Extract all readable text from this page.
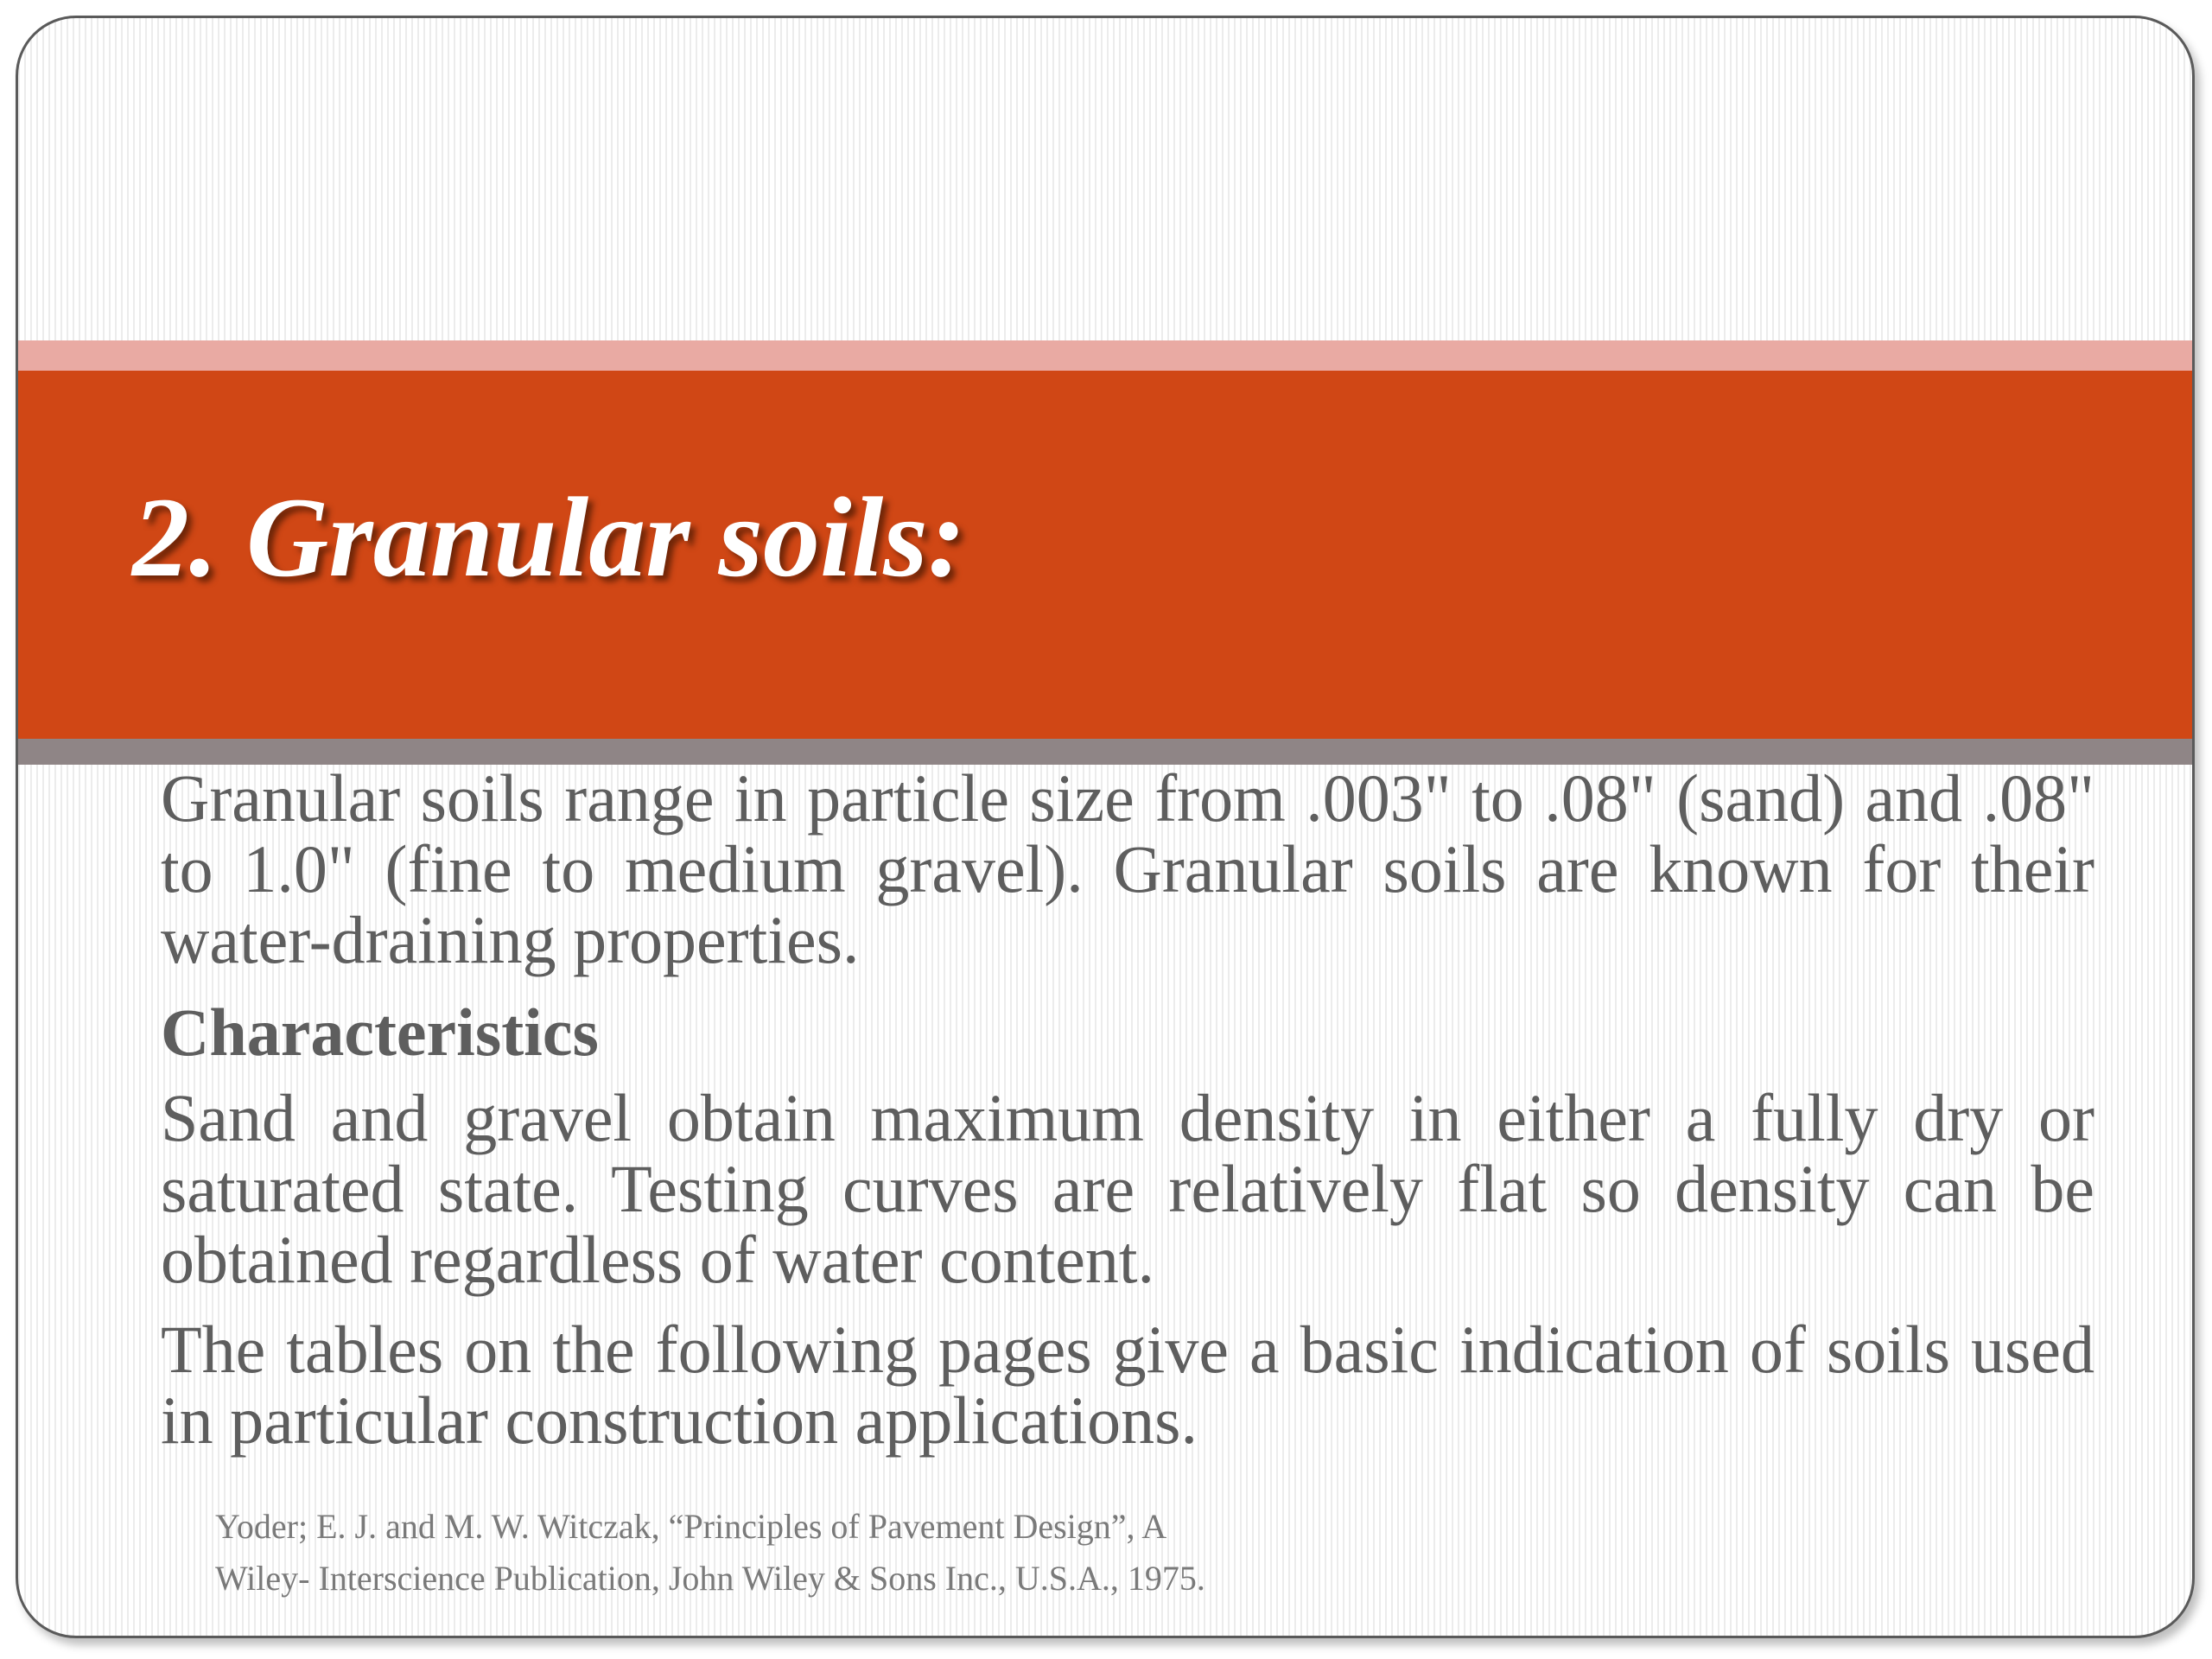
2. Granular soils:

Granular soils range in particle size from .003" to .08" (sand) and .08" to 1.0" (fine to medium gravel). Granular soils are known for their water-draining properties.

Characteristics

Sand and gravel obtain maximum density in either a fully dry or saturated state. Testing curves are relatively flat so density can be obtained regardless of water content.

The tables on the following pages give a basic indication of soils used in particular construction applications.

Yoder; E. J. and M. W. Witczak, “Principles of Pavement Design”, A
Wiley- Interscience Publication, John Wiley & Sons Inc., U.S.A., 1975.
